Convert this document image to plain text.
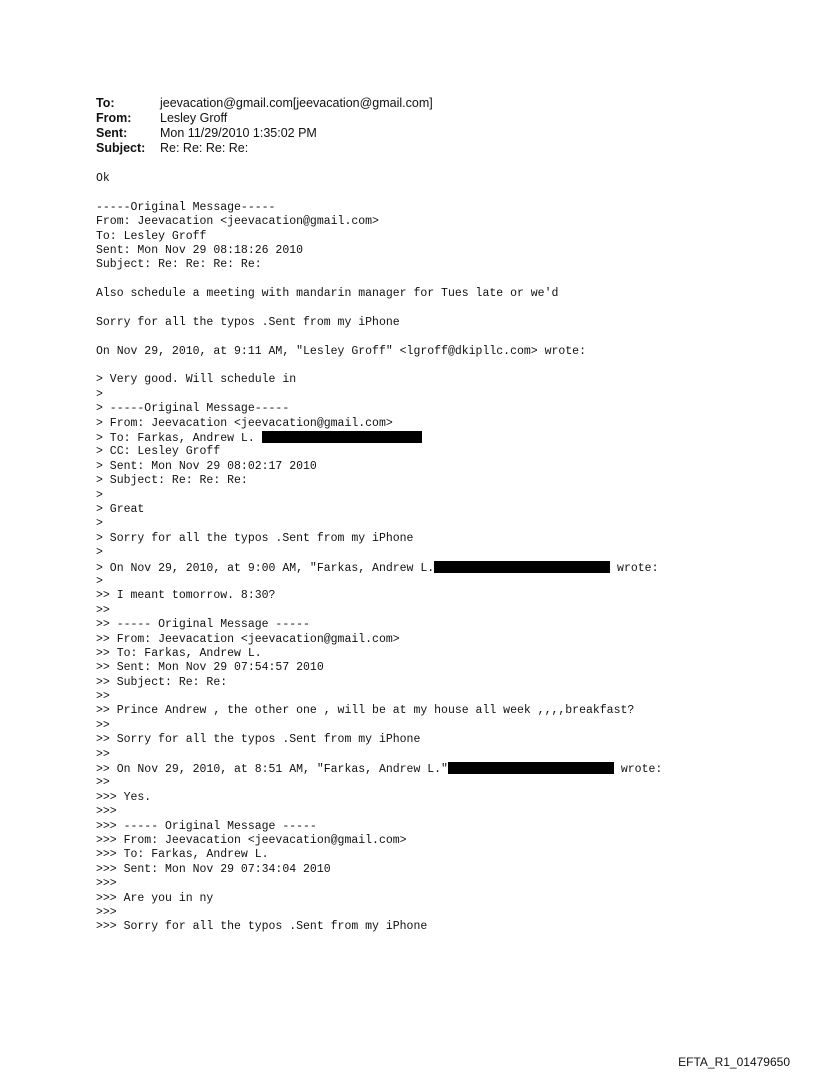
To:	jeevacation@gmail.com[jeevacation@gmail.com]
From:	Lesley Groff
Sent:	Mon 11/29/2010 1:35:02 PM
Subject:	Re: Re: Re: Re:
Ok
-----Original Message-----
From: Jeevacation <jeevacation@gmail.com>
To: Lesley Groff
Sent: Mon Nov 29 08:18:26 2010
Subject: Re: Re: Re: Re:
Also schedule a meeting with mandarin manager for Tues late or we'd
Sorry for all the typos .Sent from my iPhone
On Nov 29, 2010, at 9:11 AM, "Lesley Groff" <lgroff@dkipllc.com> wrote:
> Very good. Will schedule in
>
> -----Original Message-----
> From: Jeevacation <jeevacation@gmail.com>
> To: Farkas, Andrew L.
> CC: Lesley Groff
> Sent: Mon Nov 29 08:02:17 2010
> Subject: Re: Re: Re:
>
> Great
>
> Sorry for all the typos .Sent from my iPhone
>
> On Nov 29, 2010, at 9:00 AM, "Farkas, Andrew L.	wrote:
>
>> I meant tomorrow. 8:30?
>>
>> ----- Original Message -----
>> From: Jeevacation <jeevacation@gmail.com>
>> To: Farkas, Andrew L.
>> Sent: Mon Nov 29 07:54:57 2010
>> Subject: Re: Re:
>>
>> Prince Andrew , the other one , will be at my house all week ,,,,breakfast?
>>
>> Sorry for all the typos .Sent from my iPhone
>>
>> On Nov 29, 2010, at 8:51 AM, "Farkas, Andrew L."	wrote:
>>
>>> Yes.
>>>
>>> ----- Original Message -----
>>> From: Jeevacation <jeevacation@gmail.com>
>>> To: Farkas, Andrew L.
>>> Sent: Mon Nov 29 07:34:04 2010
>>>
>>> Are you in ny
>>>
>>> Sorry for all the typos .Sent from my iPhone
EFTA_R1_01479650
